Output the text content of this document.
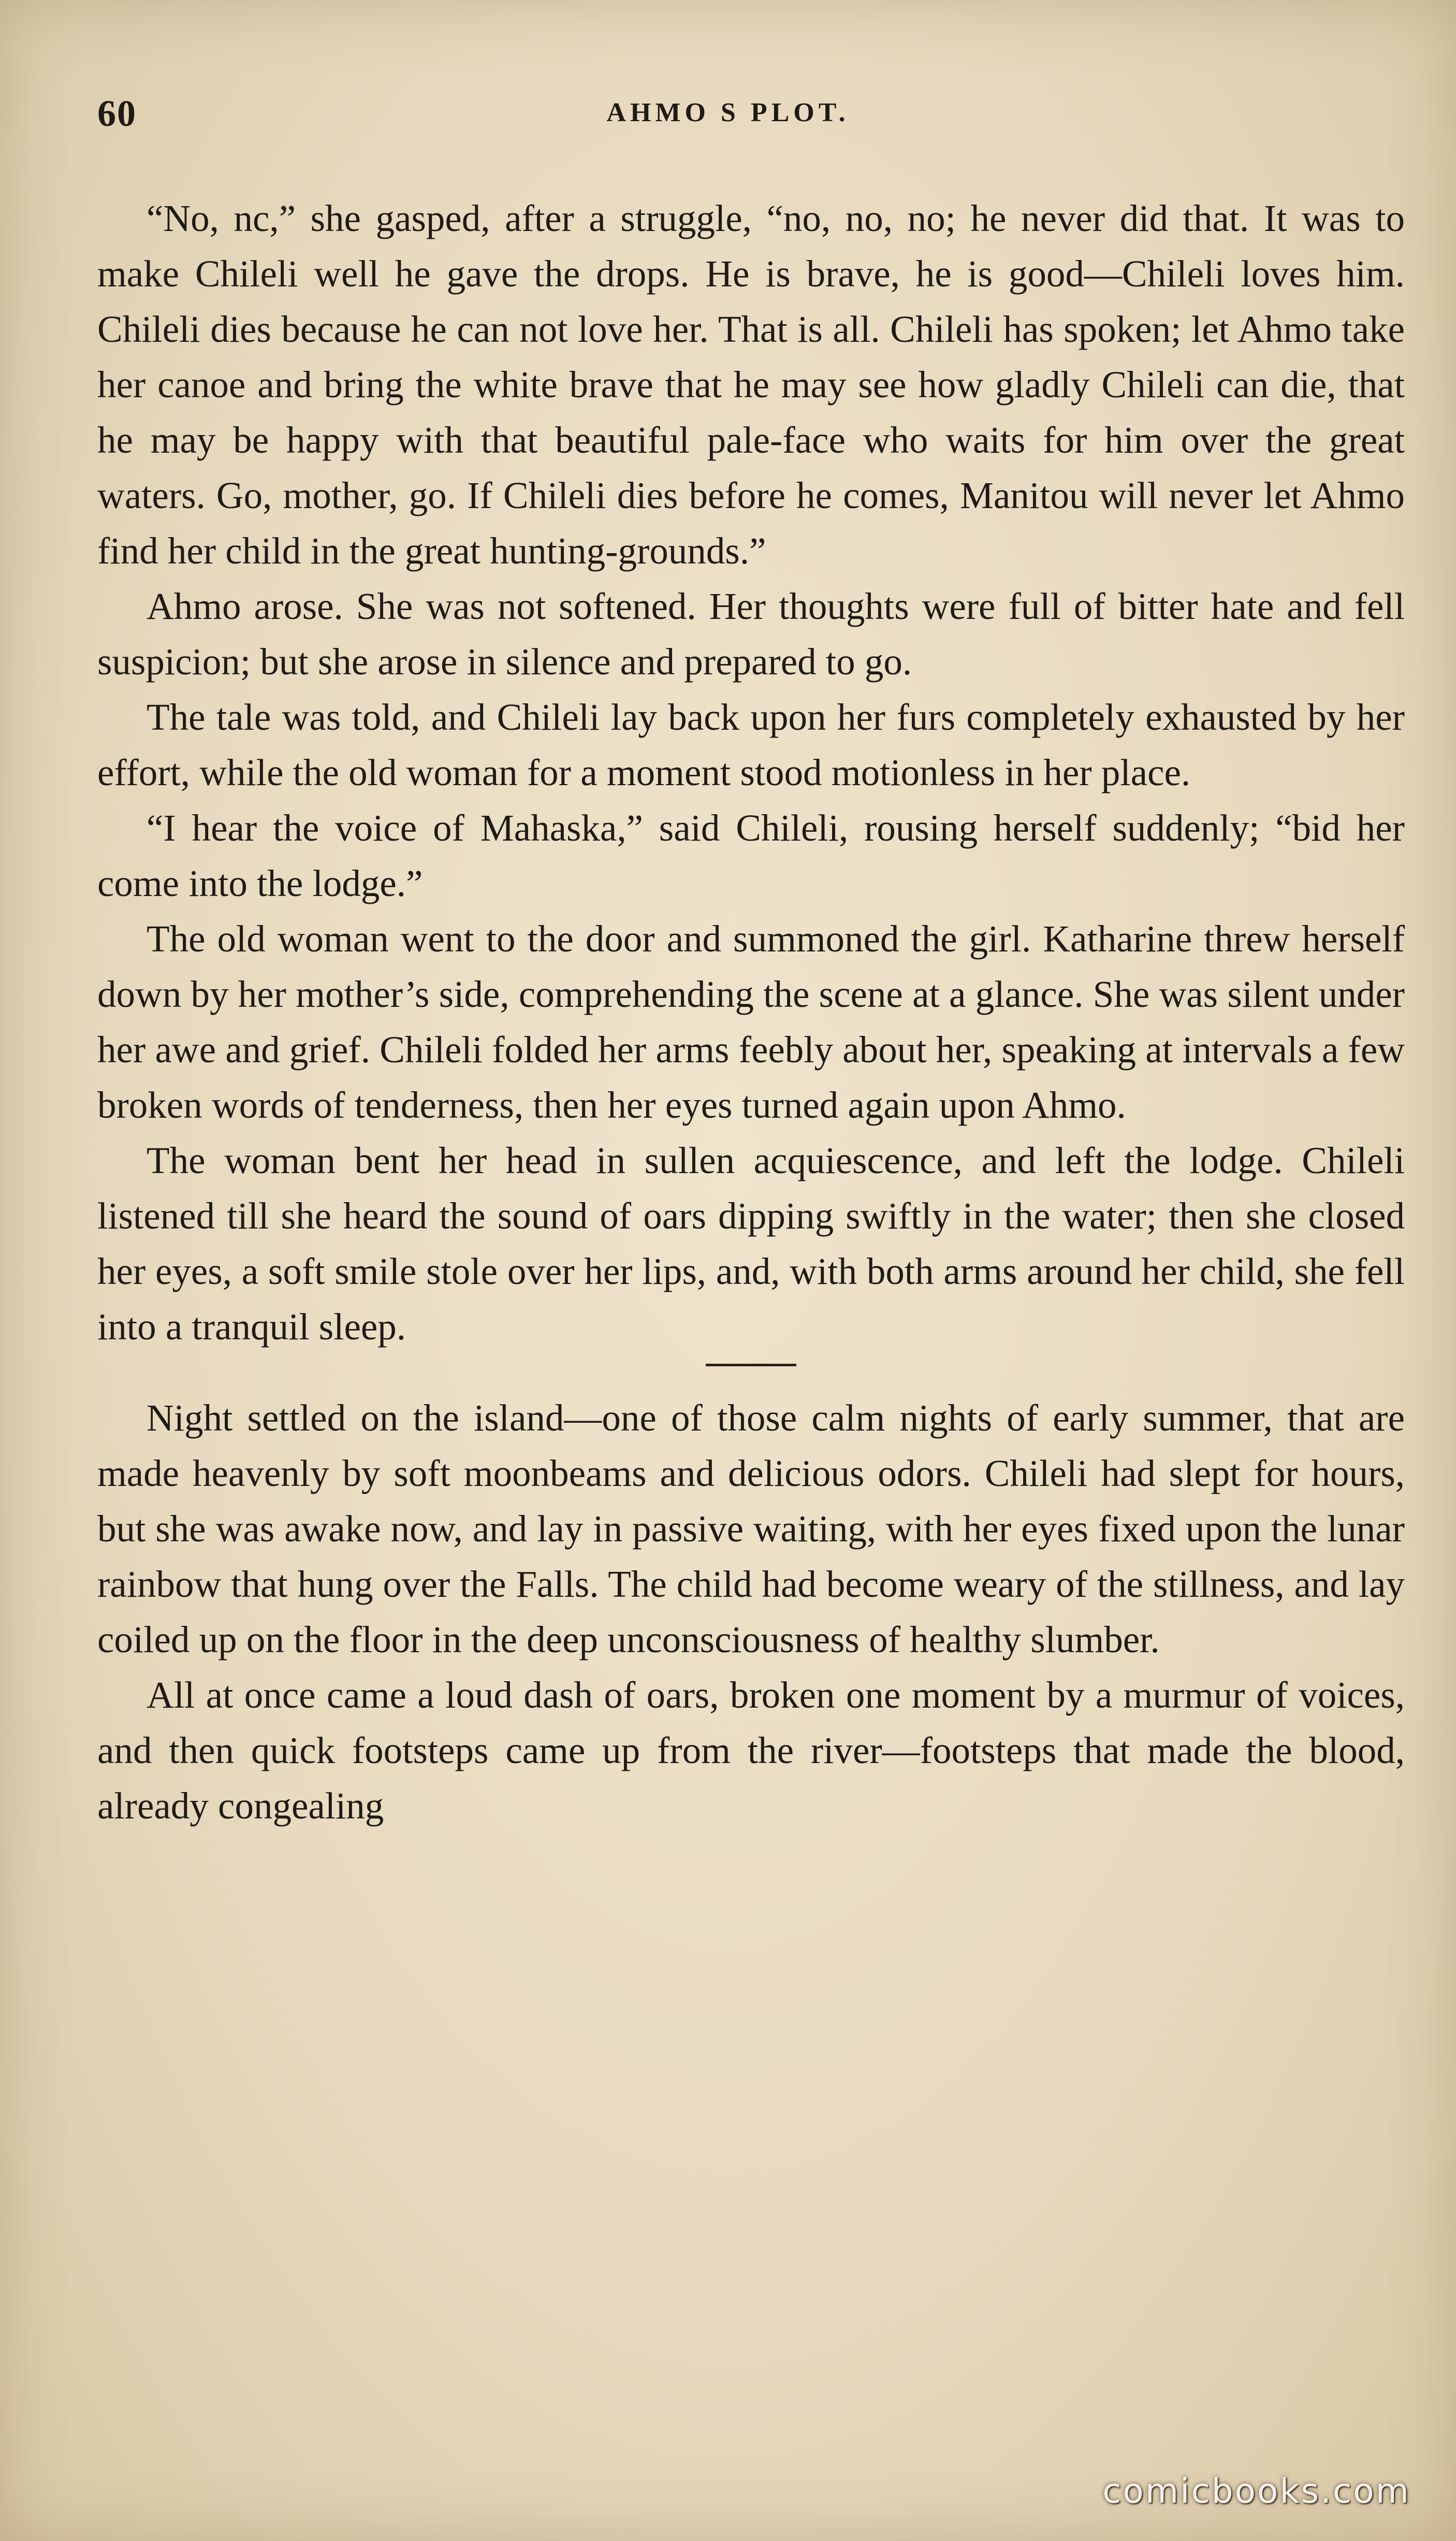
60	AHMO S PLOT.

“No, nc,” she gasped, after a struggle, “no, no, no; he never did that. It was to make Chileli well he gave the drops. He is brave, he is good—Chileli loves him. Chileli dies because he can not love her. That is all. Chileli has spoken; let Ahmo take her canoe and bring the white brave that he may see how gladly Chileli can die, that he may be happy with that beautiful pale-face who waits for him over the great waters. Go, mother, go. If Chileli dies before he comes, Manitou will never let Ahmo find her child in the great hunting-grounds.”

Ahmo arose. She was not softened. Her thoughts were full of bitter hate and fell suspicion; but she arose in silence and prepared to go.

The tale was told, and Chileli lay back upon her furs completely exhausted by her effort, while the old woman for a moment stood motionless in her place.

“I hear the voice of Mahaska,” said Chileli, rousing herself suddenly; “bid her come into the lodge.”

The old woman went to the door and summoned the girl. Katharine threw herself down by her mother’s side, comprehending the scene at a glance. She was silent under her awe and grief. Chileli folded her arms feebly about her, speaking at intervals a few broken words of tenderness, then her eyes turned again upon Ahmo.

The woman bent her head in sullen acquiescence, and left the lodge. Chileli listened till she heard the sound of oars dipping swiftly in the water; then she closed her eyes, a soft smile stole over her lips, and, with both arms around her child, she fell into a tranquil sleep.

Night settled on the island—one of those calm nights of early summer, that are made heavenly by soft moonbeams and delicious odors. Chileli had slept for hours, but she was awake now, and lay in passive waiting, with her eyes fixed upon the lunar rainbow that hung over the Falls. The child had become weary of the stillness, and lay coiled up on the floor in the deep unconsciousness of healthy slumber.

All at once came a loud dash of oars, broken one moment by a murmur of voices, and then quick footsteps came up from the river—footsteps that made the blood, already congealing

comicbooks.com
